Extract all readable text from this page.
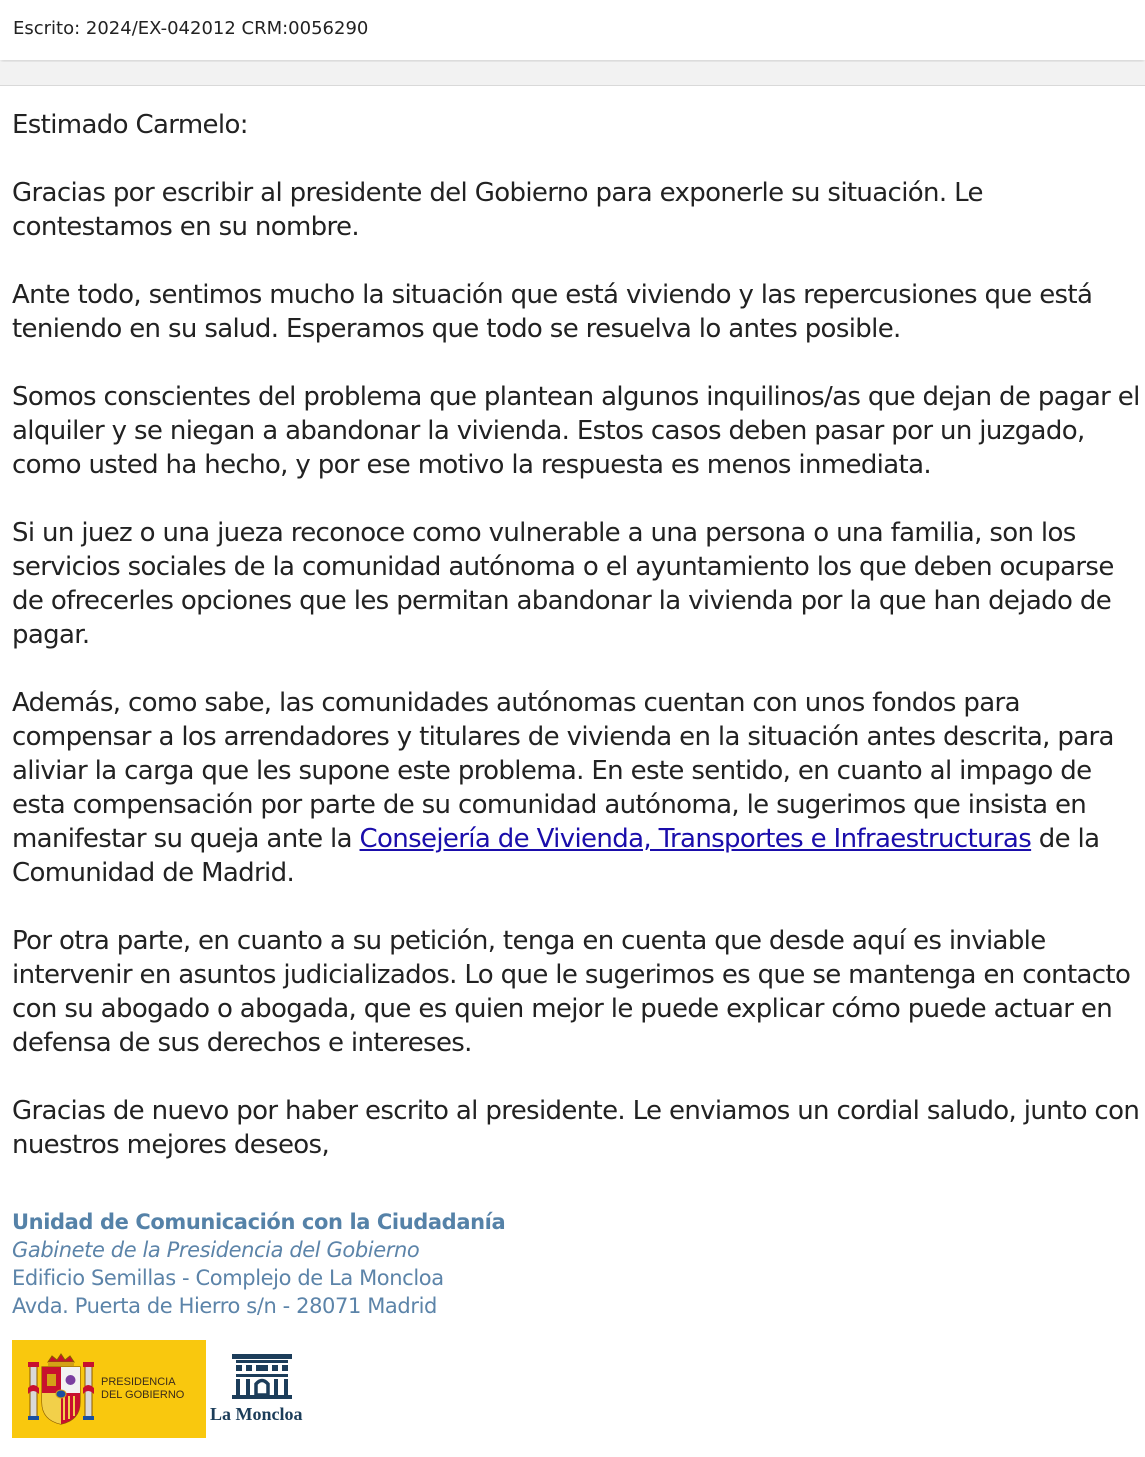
Escrito: 2024/EX-042012 CRM:0056290

Estimado Carmelo:

Gracias por escribir al presidente del Gobierno para exponerle su situación. Le contestamos en su nombre.

Ante todo, sentimos mucho la situación que está viviendo y las repercusiones que está teniendo en su salud. Esperamos que todo se resuelva lo antes posible.

Somos conscientes del problema que plantean algunos inquilinos/as que dejan de pagar el alquiler y se niegan a abandonar la vivienda. Estos casos deben pasar por un juzgado, como usted ha hecho, y por ese motivo la respuesta es menos inmediata.

Si un juez o una jueza reconoce como vulnerable a una persona o una familia, son los servicios sociales de la comunidad autónoma o el ayuntamiento los que deben ocuparse de ofrecerles opciones que les permitan abandonar la vivienda por la que han dejado de pagar.

Además, como sabe, las comunidades autónomas cuentan con unos fondos para compensar a los arrendadores y titulares de vivienda en la situación antes descrita, para aliviar la carga que les supone este problema. En este sentido, en cuanto al impago de esta compensación por parte de su comunidad autónoma, le sugerimos que insista en manifestar su queja ante la Consejería de Vivienda, Transportes e Infraestructuras de la Comunidad de Madrid.

Por otra parte, en cuanto a su petición, tenga en cuenta que desde aquí es inviable intervenir en asuntos judicializados. Lo que le sugerimos es que se mantenga en contacto con su abogado o abogada, que es quien mejor le puede explicar cómo puede actuar en defensa de sus derechos e intereses.

Gracias de nuevo por haber escrito al presidente. Le enviamos un cordial saludo, junto con nuestros mejores deseos,

Unidad de Comunicación con la Ciudadanía
Gabinete de la Presidencia del Gobierno
Edificio Semillas - Complejo de La Moncloa
Avda. Puerta de Hierro s/n - 28071 Madrid
PRESIDENCIA
DEL GOBIERNO
La Moncloa
